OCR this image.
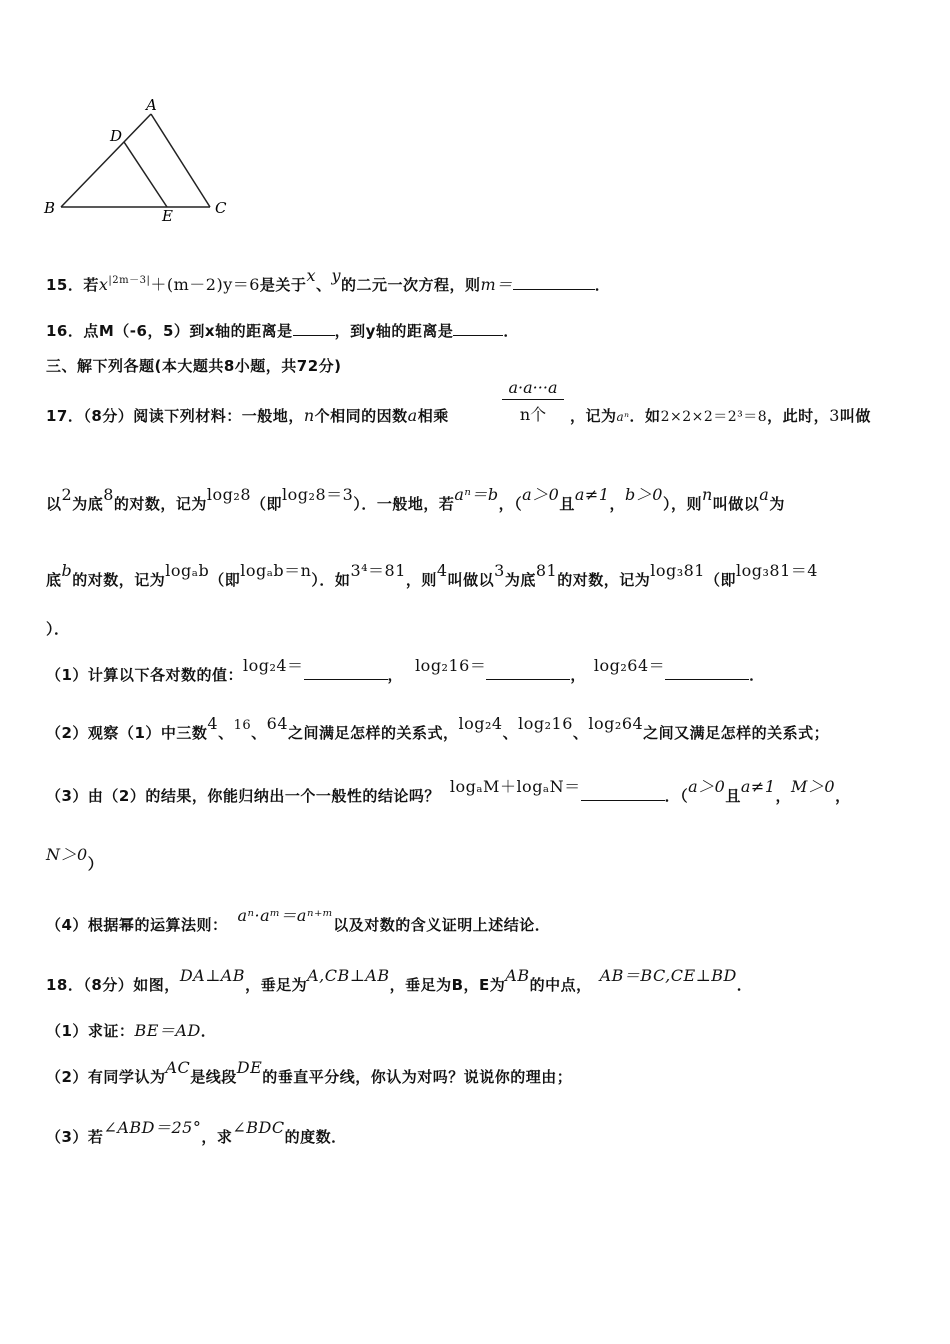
A
D
B	E	C
15．若$x^{|2m-3|}+(m-2)y=6$是关于x、y的二元一次方程，则m＝	．
16．点M（-6，5）到x轴的距离是	，到y轴的距离是	．
三、解下列各题(本大题共8小题，共72分)
17．（8分）阅读下列材料：一般地，n个相同的因数a相乘
a·a···a
n个	，记为aⁿ．如2×2×2＝2³＝8，此时，3叫做
以2为底8的对数，记为log₂8（即log₂8＝3）．一般地，若aⁿ＝b，（a＞0且a≠1，b＞0），则n叫做以a为
底b的对数，记为logₐb（即logₐb＝n）．如3⁴＝81，则4叫做以3为底81的对数，记为log₃81（即log₃81＝4
）．
（1）计算以下各对数的值：log₂4＝	， log₂16＝	， log₂64＝	．
（2）观察（1）中三数4、16、64之间满足怎样的关系式，log₂4、log₂16、log₂64之间又满足怎样的关系式；
（3）由（2）的结果，你能归纳出一个一般性的结论吗？ logₐM＋logₐN＝	．（a＞0且a≠1，M＞0，
N＞0）
（4）根据幂的运算法则： aⁿ·aᵐ＝aⁿ⁺ᵐ以及对数的含义证明上述结论．
18．（8分）如图，DA⊥AB，垂足为A,CB⊥AB，垂足为B，E为AB的中点， AB＝BC,CE⊥BD．
（1）求证：BE＝AD．
（2）有同学认为AC是线段DE的垂直平分线，你认为对吗？说说你的理由；
（3）若∠ABD＝25°，求∠BDC的度数．
